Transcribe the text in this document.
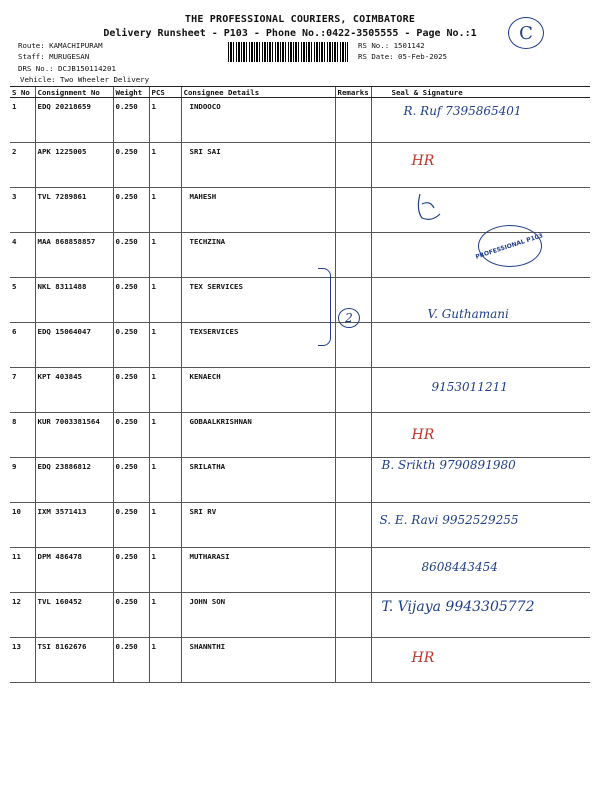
THE PROFESSIONAL COURIERS, COIMBATORE
Delivery Runsheet - P103 - Phone No.:0422-3505555 - Page No.:1	C
Route: KAMACHIPURAM
Staff: MURUGESAN
DRS No.: DCJB150114201
Vehicle: Two Wheeler Delivery
RS No.: 1501142
RS Date: 05-Feb-2025
S No	Consignment No	Weight	PCS	Consignee Details	Remarks	Seal & Signature
1	EDQ 20218659	0.250	1	INDOOCO		R. Ruf 7395865401

2	APK 1225005	0.250	1	SRI SAI		HR

3	TVL 7289861	0.250	1	MAHESH		

4	MAA 868858857	0.250	1	TECHZINA		PROFESSIONAL P103

5	NKL 8311488	0.250	1	TEX SERVICES		
6	EDQ 15064047	0.250	1	TEXSERVICES		V. Guthamani

7	KPT 403845	0.250	1	KENAECH		9153011211

8	KUR 7003381564	0.250	1	GOBAALKRISHNAN		HR

9	EDQ 23886812	0.250	1	SRILATHA		B. Srikth 9790891980

10	IXM 3571413	0.250	1	SRI RV		S. E. Ravi 9952529255

11	DPM 486478	0.250	1	MUTHARASI		8608443454

12	TVL 160452	0.250	1	JOHN SON		T. Vijaya 9943305772

13	TSI 8162676	0.250	1	SHANNTHI		HR
2
